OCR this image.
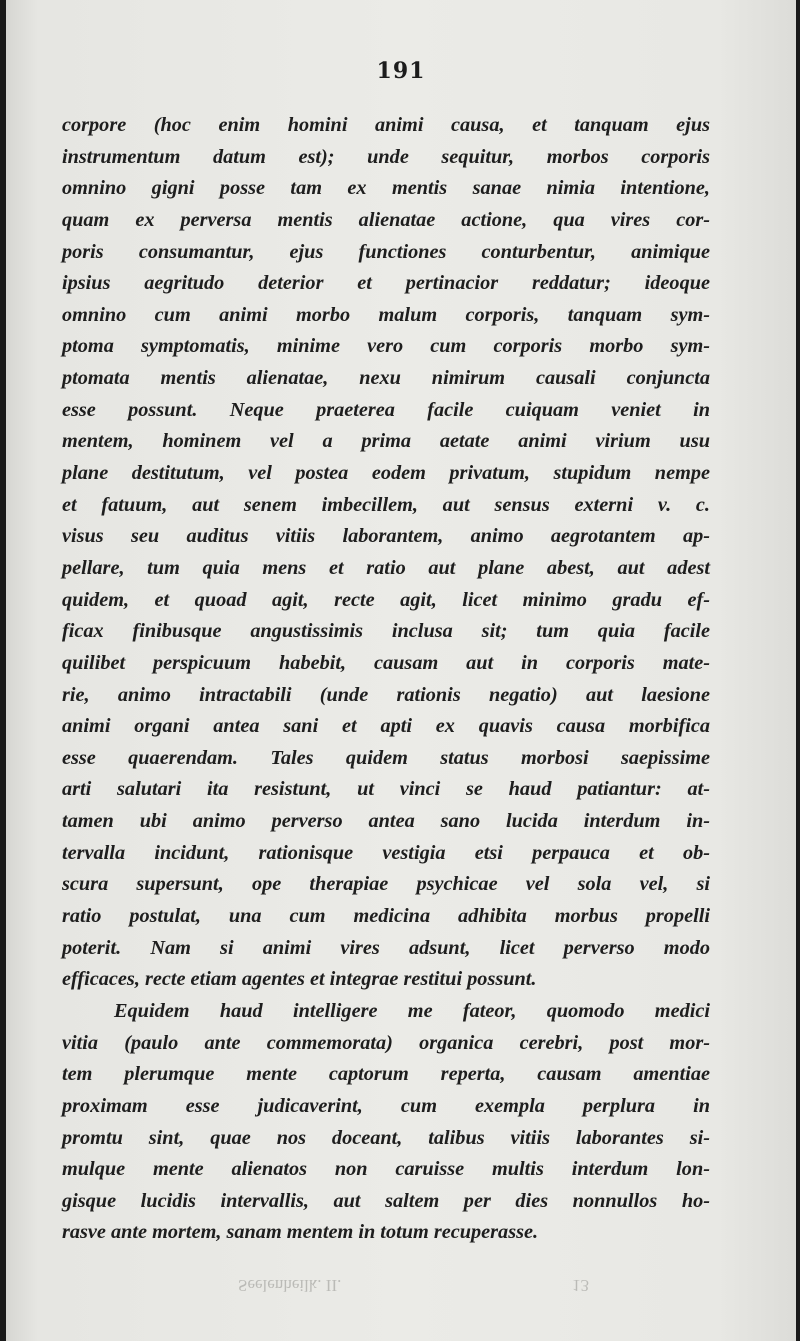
191
corpore (hoc enim homini animi causa, et tanquam ejus
instrumentum datum est); unde sequitur, morbos corporis
omnino gigni posse tam ex mentis sanae nimia intentione,
quam ex perversa mentis alienatae actione, qua vires cor-
poris consumantur, ejus functiones conturbentur, animique
ipsius aegritudo deterior et pertinacior reddatur; ideoque
omnino cum animi morbo malum corporis, tanquam sym-
ptoma symptomatis, minime vero cum corporis morbo sym-
ptomata mentis alienatae, nexu nimirum causali conjuncta
esse possunt. Neque praeterea facile cuiquam veniet in
mentem, hominem vel a prima aetate animi virium usu
plane destitutum, vel postea eodem privatum, stupidum nempe
et fatuum, aut senem imbecillem, aut sensus externi v. c.
visus seu auditus vitiis laborantem, animo aegrotantem ap-
pellare, tum quia mens et ratio aut plane abest, aut adest
quidem, et quoad agit, recte agit, licet minimo gradu ef-
ficax finibusque angustissimis inclusa sit; tum quia facile
quilibet perspicuum habebit, causam aut in corporis mate-
rie, animo intractabili (unde rationis negatio) aut laesione
animi organi antea sani et apti ex quavis causa morbifica
esse quaerendam. Tales quidem status morbosi saepissime
arti salutari ita resistunt, ut vinci se haud patiantur: at-
tamen ubi animo perverso antea sano lucida interdum in-
tervalla incidunt, rationisque vestigia etsi perpauca et ob-
scura supersunt, ope therapiae psychicae vel sola vel, si
ratio postulat, una cum medicina adhibita morbus propelli
poterit. Nam si animi vires adsunt, licet perverso modo
efficaces, recte etiam agentes et integrae restitui possunt.
Equidem haud intelligere me fateor, quomodo medici
vitia (paulo ante commemorata) organica cerebri, post mor-
tem plerumque mente captorum reperta, causam amentiae
proximam esse judicaverint, cum exempla perplura in
promtu sint, quae nos doceant, talibus vitiis laborantes si-
mulque mente alienatos non caruisse multis interdum lon-
gisque lucidis intervallis, aut saltem per dies nonnullos ho-
rasve ante mortem, sanam mentem in totum recuperasse.
Seelenheilk. II.	13
